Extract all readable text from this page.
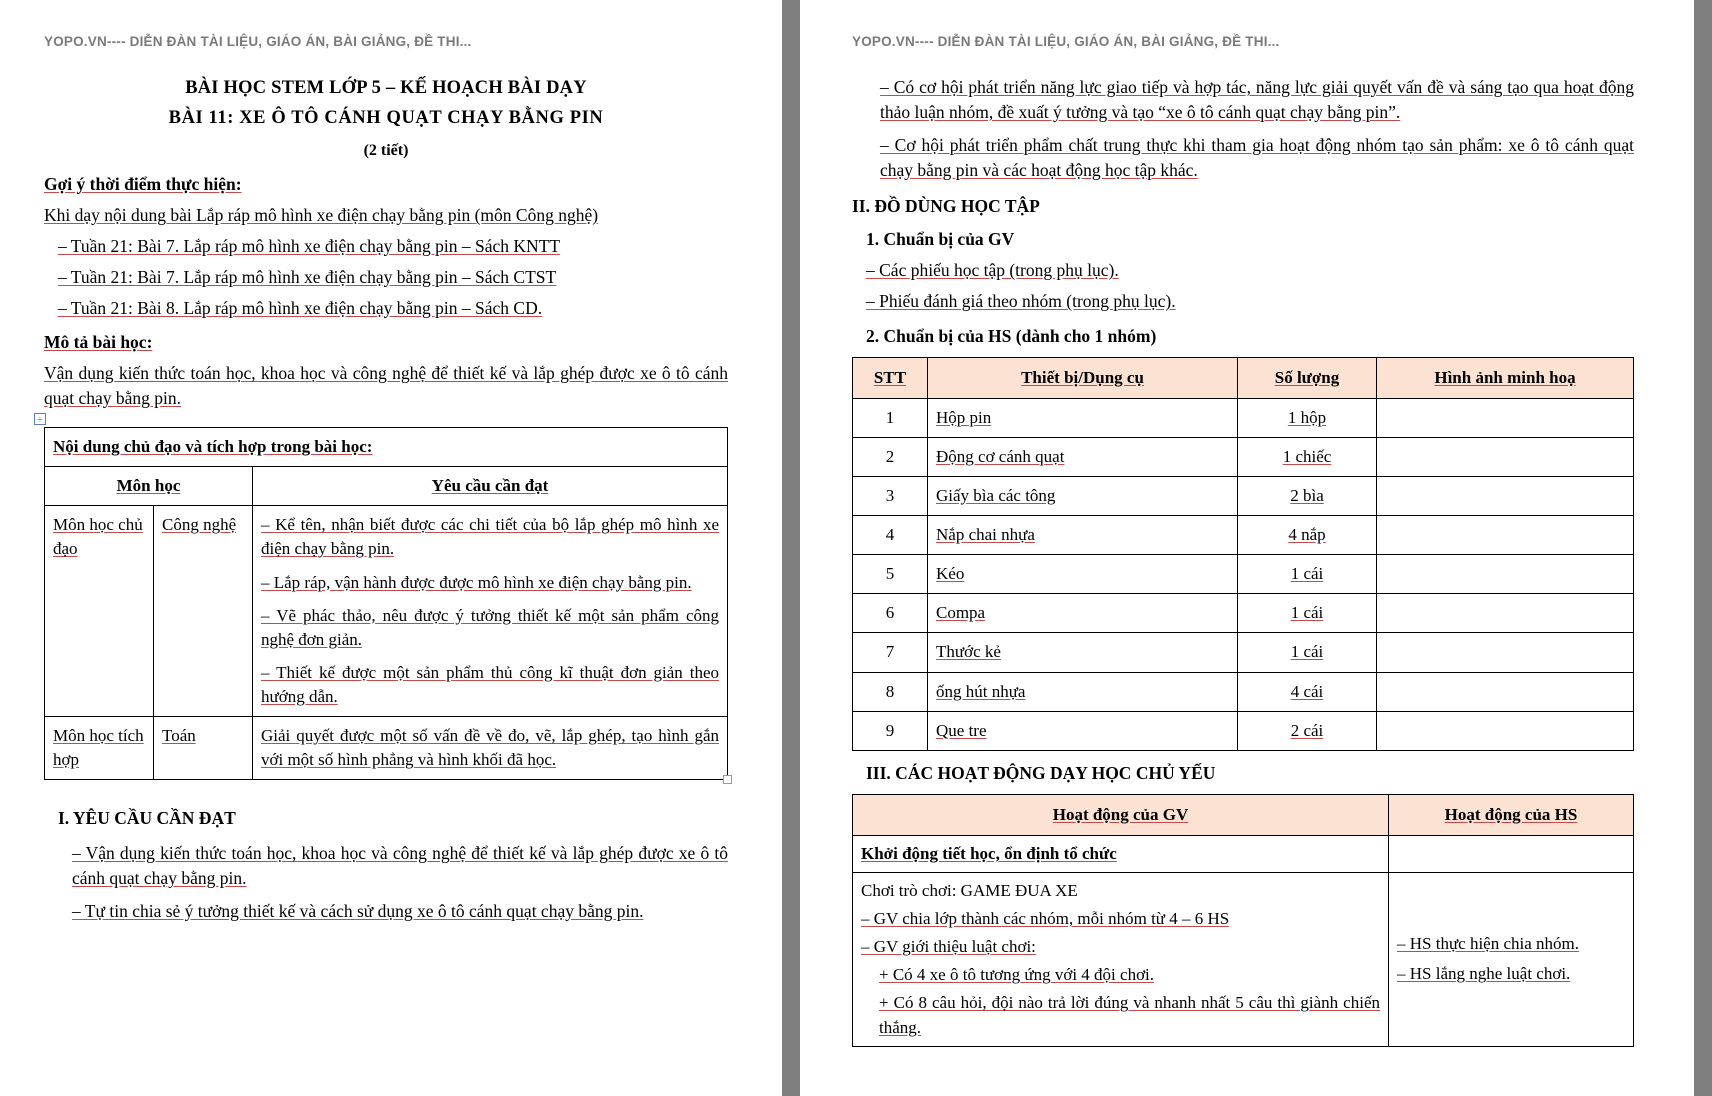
YOPO.VN---- DIỄN ĐÀN TÀI LIỆU, GIÁO ÁN, BÀI GIẢNG, ĐỀ THI...
+
BÀI HỌC STEM LỚP 5 – KẾ HOẠCH BÀI DẠY
BÀI 11: XE Ô TÔ CÁNH QUẠT CHẠY BẰNG PIN
(2 tiết)
Gợi ý thời điểm thực hiện:
Khi dạy nội dung bài Lắp ráp mô hình xe điện chạy bằng pin (môn Công nghệ)
– Tuần 21: Bài 7. Lắp ráp mô hình xe điện chạy bằng pin – Sách KNTT
– Tuần 21: Bài 7. Lắp ráp mô hình xe điện chạy bằng pin – Sách CTST
– Tuần 21: Bài 8. Lắp ráp mô hình xe điện chạy bằng pin – Sách CD.
Mô tả bài học:
Vận dụng kiến thức toán học, khoa học và công nghệ để thiết kế và lắp ghép được xe ô tô cánh quạt chạy bằng pin.
Nội dung chủ đạo và tích hợp trong bài học:		
Môn học		Yêu cầu cần đạt
Môn học chủ đạo	Công nghệ	– Kể tên, nhận biết được các chi tiết của bộ lắp ghép mô hình xe điện chạy bằng pin.
– Lắp ráp, vận hành được được mô hình xe điện chạy bằng pin.
– Vẽ phác thảo, nêu được ý tưởng thiết kế một sản phẩm công nghệ đơn giản.
– Thiết kế được một sản phẩm thủ công kĩ thuật đơn giản theo hướng dẫn.

Môn học tích hợp	Toán	Giải quyết được một số vấn đề về đo, vẽ, lắp ghép, tạo hình gắn với một số hình phẳng và hình khối đã học.
I. YÊU CẦU CẦN ĐẠT
– Vận dụng kiến thức toán học, khoa học và công nghệ để thiết kế và lắp ghép được xe ô tô cánh quạt chạy bằng pin.
– Tự tin chia sẻ ý tưởng thiết kế và cách sử dụng xe ô tô cánh quạt chạy bằng pin.
YOPO.VN---- DIỄN ĐÀN TÀI LIỆU, GIÁO ÁN, BÀI GIẢNG, ĐỀ THI...
– Có cơ hội phát triển năng lực giao tiếp và hợp tác, năng lực giải quyết vấn đề và sáng tạo qua hoạt động thảo luận nhóm, đề xuất ý tưởng và tạo “xe ô tô cánh quạt chạy bằng pin”.
– Cơ hội phát triển phẩm chất trung thực khi tham gia hoạt động nhóm tạo sản phẩm: xe ô tô cánh quạt chạy bằng pin và các hoạt động học tập khác.
II. ĐỒ DÙNG HỌC TẬP
1. Chuẩn bị của GV
– Các phiếu học tập (trong phụ lục).
– Phiếu đánh giá theo nhóm (trong phụ lục).
2. Chuẩn bị của HS (dành cho 1 nhóm)
STT	Thiết bị/Dụng cụ	Số lượng	Hình ảnh minh hoạ
1	Hộp pin	1 hộp	
2	Động cơ cánh quạt	1 chiếc	
3	Giấy bìa các tông	2 bìa	
4	Nắp chai nhựa	4 nắp	
5	Kéo	1 cái	
6	Compa	1 cái	
7	Thước kẻ	1 cái	
8	ống hút nhựa	4 cái	
9	Que tre	2 cái	
III. CÁC HOẠT ĐỘNG DẠY HỌC CHỦ YẾU
Hoạt động của GV	Hoạt động của HS
Khởi động tiết học, ổn định tổ chức	

Chơi trò chơi: GAME ĐUA XE
– GV chia lớp thành các nhóm, mỗi nhóm từ 4 – 6 HS
– GV giới thiệu luật chơi:
+ Có 4 xe ô tô tương ứng với 4 đội chơi.
+ Có 8 câu hỏi, đội nào trả lời đúng và nhanh nhất 5 câu thì giành chiến thắng.

– HS thực hiện chia nhóm.
– HS lắng nghe luật chơi.
